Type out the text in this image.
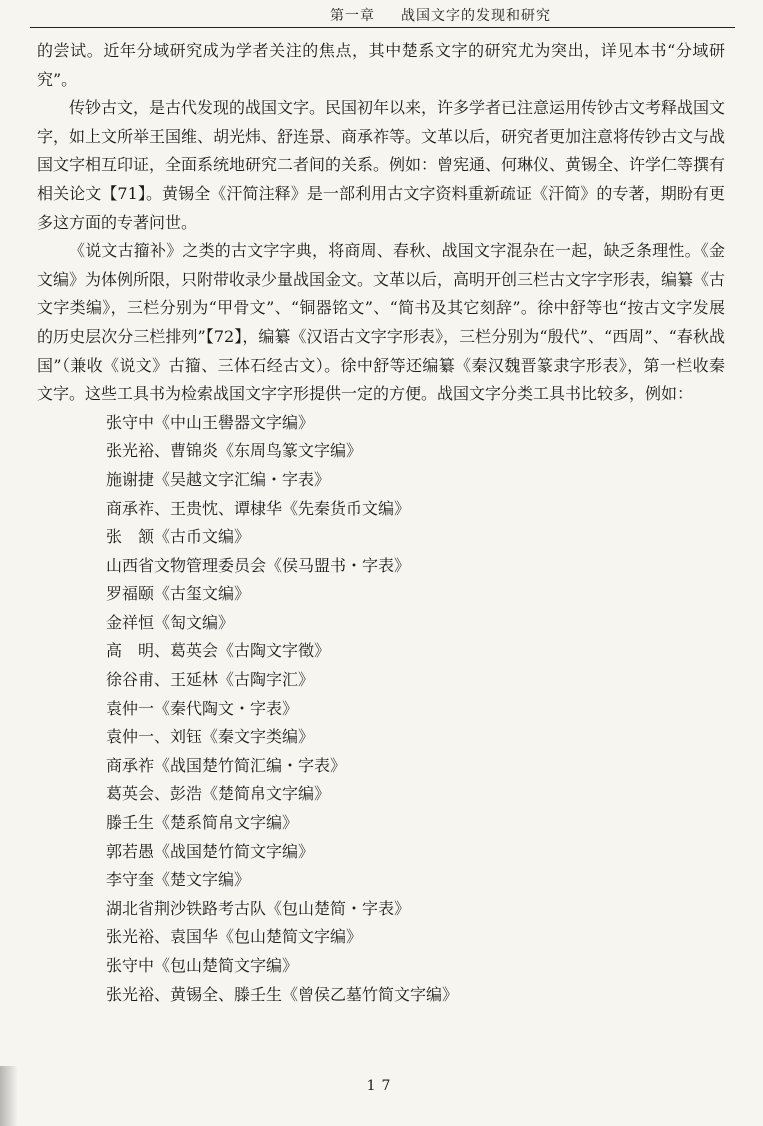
第一章 战国文字的发现和研究

的尝试。近年分域研究成为学者关注的焦点，其中楚系文字的研究尤为突出，详见本书“分域研究”。

传钞古文，是古代发现的战国文字。民国初年以来，许多学者已注意运用传钞古文考释战国文字，如上文所举王国维、胡光炜、舒连景、商承祚等。文革以后，研究者更加注意将传钞古文与战国文字相互印证，全面系统地研究二者间的关系。例如：曾宪通、何琳仪、黄锡全、许学仁等撰有相关论文【71】。黄锡全《汗简注释》是一部利用古文字资料重新疏证《汗简》的专著，期盼有更多这方面的专著问世。

《说文古籀补》之类的古文字字典，将商周、春秋、战国文字混杂在一起，缺乏条理性。《金文编》为体例所限，只附带收录少量战国金文。文革以后，高明开创三栏古文字字形表，编纂《古文字类编》，三栏分别为“甲骨文”、“铜器铭文”、“简书及其它刻辞”。徐中舒等也“按古文字发展的历史层次分三栏排列”【72】，编纂《汉语古文字字形表》，三栏分别为“殷代”、“西周”、“春秋战国”（兼收《说文》古籀、三体石经古文）。徐中舒等还编纂《秦汉魏晋篆隶字形表》，第一栏收秦文字。这些工具书为检索战国文字字形提供一定的方便。战国文字分类工具书比较多，例如：

张守中《中山王嚳器文字编》
张光裕、曹锦炎《东周鸟篆文字编》
施谢捷《吴越文字汇编・字表》
商承祚、王贵忱、谭棣华《先秦货币文编》
张　颔《古币文编》
山西省文物管理委员会《侯马盟书・字表》
罗福颐《古玺文编》
金祥恒《匋文编》
高　明、葛英会《古陶文字徵》
徐谷甫、王延林《古陶字汇》
袁仲一《秦代陶文・字表》
袁仲一、刘钰《秦文字类编》
商承祚《战国楚竹简汇编・字表》
葛英会、彭浩《楚简帛文字编》
滕壬生《楚系简帛文字编》
郭若愚《战国楚竹简文字编》
李守奎《楚文字编》
湖北省荆沙铁路考古队《包山楚简・字表》
张光裕、袁国华《包山楚简文字编》
张守中《包山楚简文字编》
张光裕、黄锡全、滕壬生《曾侯乙墓竹简文字编》
17
